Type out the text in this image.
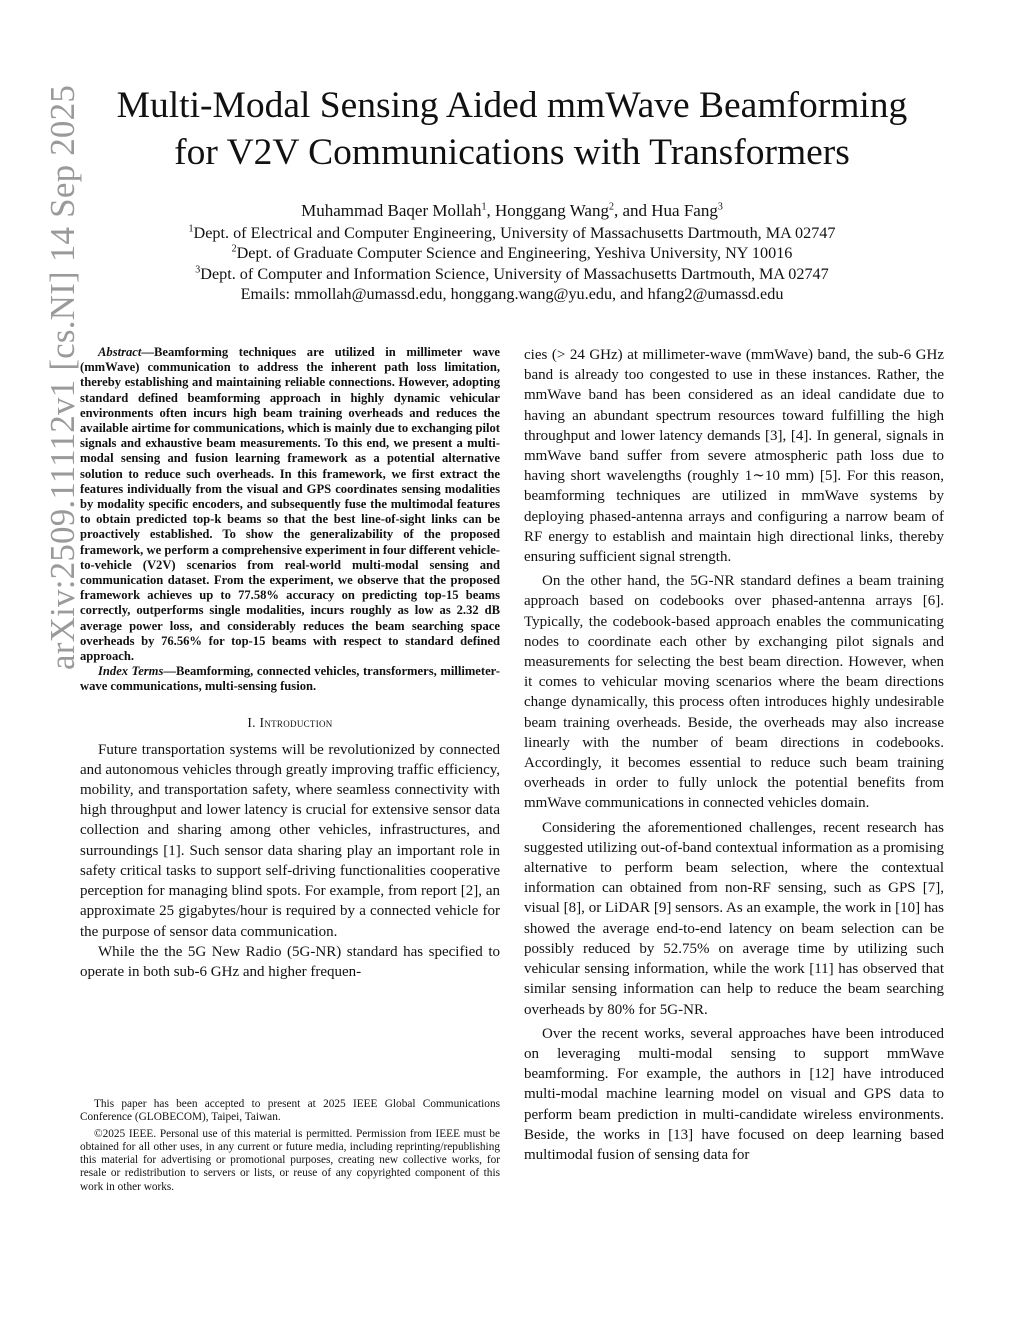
arXiv:2509.11112v1 [cs.NI] 14 Sep 2025 Multi-Modal Sensing Aided mmWave Beamforming
for V2V Communications with Transformers
Muhammad Baqer Mollah$^1$, Honggang Wang$^2$, and Hua Fang$^3$
$^1$Dept. of Electrical and Computer Engineering, University of Massachusetts Dartmouth, MA 02747
$^2$Dept. of Graduate Computer Science and Engineering, Yeshiva University, NY 10016
$^3$Dept. of Computer and Information Science, University of Massachusetts Dartmouth, MA 02747
Emails: mmollah@umassd.edu, honggang.wang@yu.edu, and hfang2@umassd.edu

Abstract—Beamforming techniques are utilized in millimeter wave (mmWave) communication to address the inherent path loss limitation, thereby establishing and maintaining reliable connections. However, adopting standard defined beamforming approach in highly dynamic vehicular environments often incurs high beam training overheads and reduces the available airtime for communications, which is mainly due to exchanging pilot signals and exhaustive beam measurements. To this end, we present a multi-modal sensing and fusion learning framework as a potential alternative solution to reduce such overheads. In this framework, we first extract the features individually from the visual and GPS coordinates sensing modalities by modality specific encoders, and subsequently fuse the multimodal features to obtain predicted top-k beams so that the best line-of-sight links can be proactively established. To show the generalizability of the proposed framework, we perform a comprehensive experiment in four different vehicle-to-vehicle (V2V) scenarios from real-world multi-modal sensing and communication dataset. From the experiment, we observe that the proposed framework achieves up to 77.58% accuracy on predicting top-15 beams correctly, outperforms single modalities, incurs roughly as low as 2.32 dB average power loss, and considerably reduces the beam searching space overheads by 76.56% for top-15 beams with respect to standard defined approach.

Index Terms—Beamforming, connected vehicles, transformers, millimeter-wave communications, multi-sensing fusion.

I. Introduction

Future transportation systems will be revolutionized by connected and autonomous vehicles through greatly improving traffic efficiency, mobility, and transportation safety, where seamless connectivity with high throughput and lower latency is crucial for extensive sensor data collection and sharing among other vehicles, infrastructures, and surroundings [1]. Such sensor data sharing play an important role in safety critical tasks to support self-driving functionalities cooperative perception for managing blind spots. For example, from report [2], an approximate 25 gigabytes/hour is required by a connected vehicle for the purpose of sensor data communication.

While the the 5G New Radio (5G-NR) standard has specified to operate in both sub-6 GHz and higher frequen-

cies (> 24 GHz) at millimeter-wave (mmWave) band, the sub-6 GHz band is already too congested to use in these instances. Rather, the mmWave band has been considered as an ideal candidate due to having an abundant spectrum resources toward fulfilling the high throughput and lower latency demands [3], [4]. In general, signals in mmWave band suffer from severe atmospheric path loss due to having short wavelengths (roughly 1∼10 mm) [5]. For this reason, beamforming techniques are utilized in mmWave systems by deploying phased-antenna arrays and configuring a narrow beam of RF energy to establish and maintain high directional links, thereby ensuring sufficient signal strength.

On the other hand, the 5G-NR standard defines a beam training approach based on codebooks over phased-antenna arrays [6]. Typically, the codebook-based approach enables the communicating nodes to coordinate each other by exchanging pilot signals and measurements for selecting the best beam direction. However, when it comes to vehicular moving scenarios where the beam directions change dynamically, this process often introduces highly undesirable beam training overheads. Beside, the overheads may also increase linearly with the number of beam directions in codebooks. Accordingly, it becomes essential to reduce such beam training overheads in order to fully unlock the potential benefits from mmWave communications in connected vehicles domain.

Considering the aforementioned challenges, recent research has suggested utilizing out-of-band contextual information as a promising alternative to perform beam selection, where the contextual information can obtained from non-RF sensing, such as GPS [7], visual [8], or LiDAR [9] sensors. As an example, the work in [10] has showed the average end-to-end latency on beam selection can be possibly reduced by 52.75% on average time by utilizing such vehicular sensing information, while the work [11] has observed that similar sensing information can help to reduce the beam searching overheads by 80% for 5G-NR.

Over the recent works, several approaches have been introduced on leveraging multi-modal sensing to support mmWave beamforming. For example, the authors in [12] have introduced multi-modal machine learning model on visual and GPS data to perform beam prediction in multi-candidate wireless environments. Beside, the works in [13] have focused on deep learning based multimodal fusion of sensing data for

This paper has been accepted to present at 2025 IEEE Global Communications Conference (GLOBECOM), Taipei, Taiwan.

©2025 IEEE. Personal use of this material is permitted. Permission from IEEE must be obtained for all other uses, in any current or future media, including reprinting/republishing this material for advertising or promotional purposes, creating new collective works, for resale or redistribution to servers or lists, or reuse of any copyrighted component of this work in other works.
